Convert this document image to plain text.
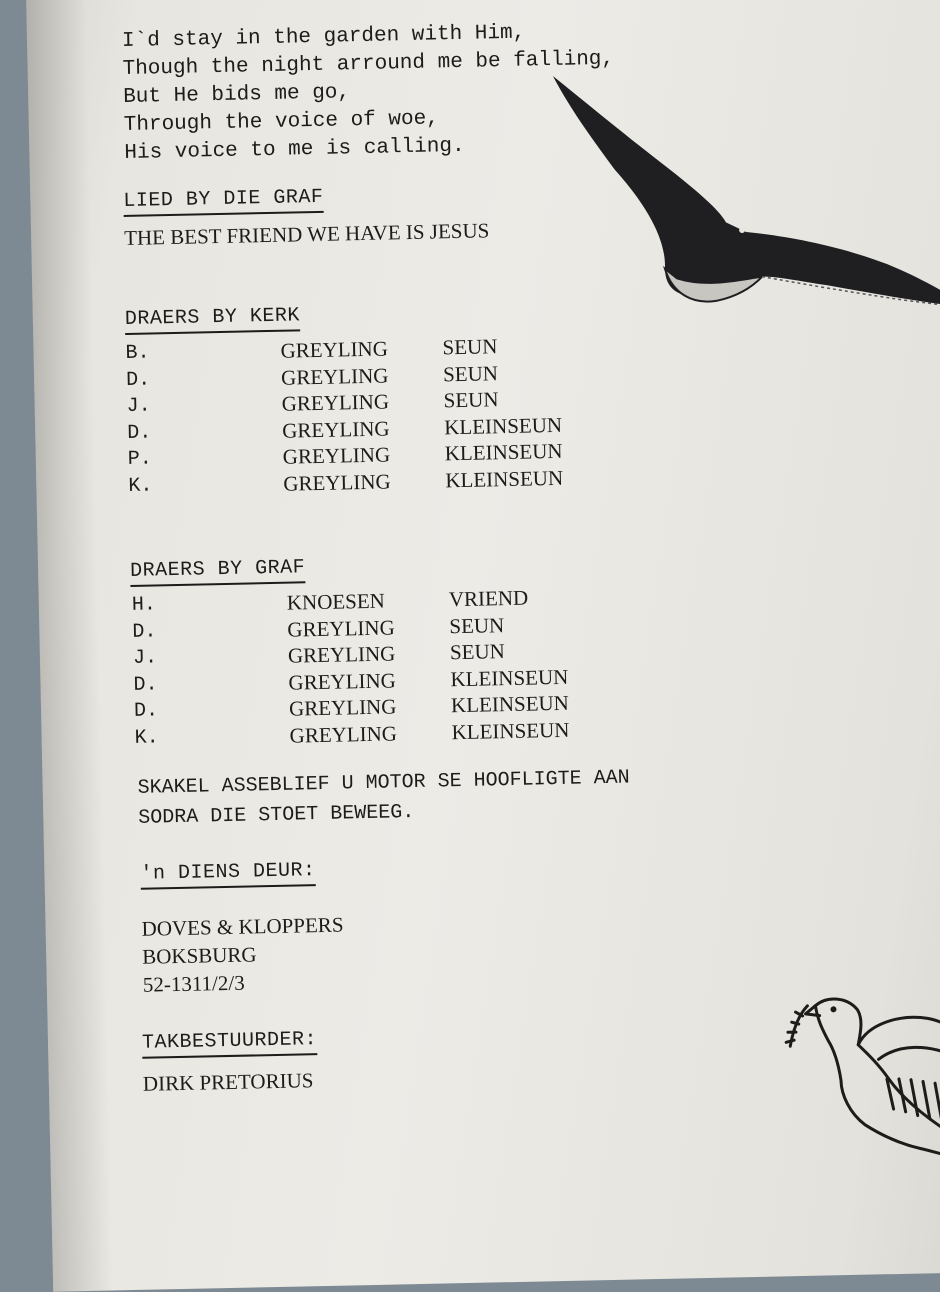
I`d stay in the garden with Him,
Though the night arround me be falling,
But He bids me go,
Through the voice of woe,
His voice to me is calling.
LIED BY DIE GRAF
THE BEST FRIEND WE HAVE IS JESUS
DRAERS BY KERK
B.	GREYLING	SEUN
D.	GREYLING	SEUN
J.	GREYLING	SEUN
D.	GREYLING	KLEINSEUN
P.	GREYLING	KLEINSEUN
K.	GREYLING	KLEINSEUN
DRAERS BY GRAF
H.	KNOESEN	VRIEND
D.	GREYLING	SEUN
J.	GREYLING	SEUN
D.	GREYLING	KLEINSEUN
D.	GREYLING	KLEINSEUN
K.	GREYLING	KLEINSEUN
SKAKEL ASSEBLIEF U MOTOR SE HOOFLIGTE AAN
SODRA DIE STOET BEWEEG.
'n DIENS DEUR:
DOVES & KLOPPERS
BOKSBURG
52-1311/2/3
TAKBESTUURDER:
DIRK PRETORIUS
